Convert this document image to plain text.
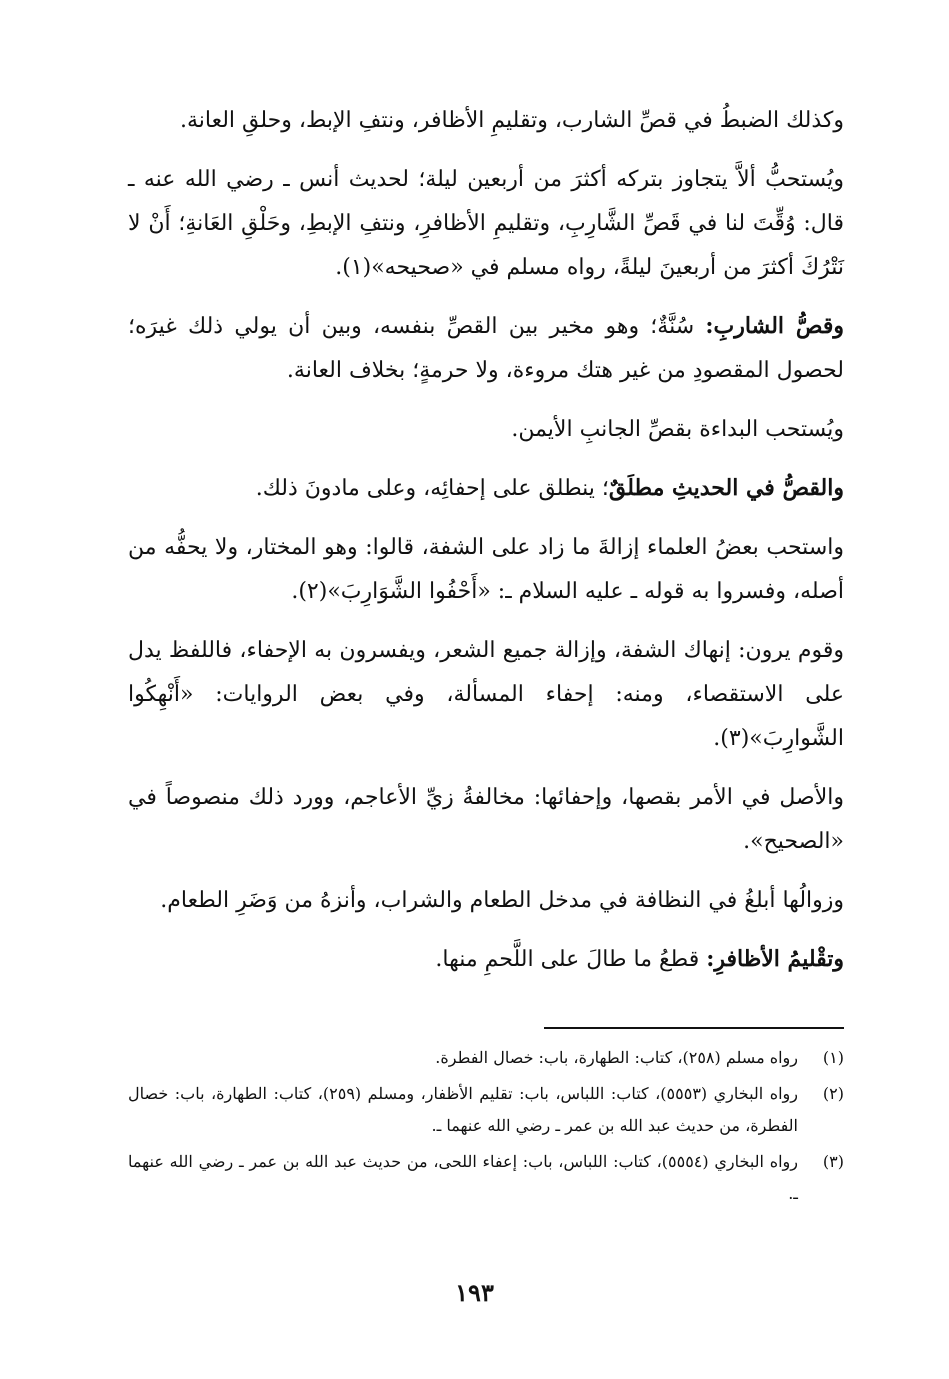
وكذلك الضبطُ في قصِّ الشارب، وتقليمِ الأظافر، ونتفِ الإبط، وحلقِ العانة.

ويُستحبُّ ألاَّ يتجاوز بتركه أكثرَ من أربعين ليلة؛ لحديث أنس ـ رضي الله عنه ـ قال: وُقِّتَ لنا في قَصِّ الشَّارِبِ، وتقليمِ الأظافرِ، ونتفِ الإبطِ، وحَلْقِ العَانةِ؛ أَنْ لا نَتْرُكَ أكثرَ من أربعينَ ليلةً، رواه مسلم في «صحيحه»(١).

وقصُّ الشاربِ: سُنَّةٌ؛ وهو مخير بين القصِّ بنفسه، وبين أن يولي ذلك غيرَه؛ لحصول المقصودِ من غير هتك مروءة، ولا حرمةٍ؛ بخلاف العانة.

ويُستحب البداءة بقصِّ الجانبِ الأيمن.

والقصُّ في الحديثِ مطلَقٌ؛ ينطلق على إحفائِه، وعلى مادونَ ذلك.

واستحب بعضُ العلماء إزالةَ ما زاد على الشفة، قالوا: وهو المختار، ولا يحفُّه من أصله، وفسروا به قوله ـ عليه السلام ـ: «أَحْفُوا الشَّوَارِبَ»(٢).

وقوم يرون: إنهاك الشفة، وإزالة جميع الشعر، ويفسرون به الإحفاء، فاللفظ يدل على الاستقصاء، ومنه: إحفاء المسألة، وفي بعض الروايات: «أَنْهِكُوا الشَّوارِبَ»(٣).

والأصل في الأمر بقصها، وإحفائها: مخالفةُ زيِّ الأعاجم، وورد ذلك منصوصاً في «الصحيح».

وزوالُها أبلغُ في النظافة في مدخل الطعام والشراب، وأنزهُ من وَضَرِ الطعام.

وتقْليمُ الأظافرِ: قطعُ ما طالَ على اللَّحمِ منها.

(١)
رواه مسلم (٢٥٨)، كتاب: الطهارة، باب: خصال الفطرة.
(٢)
رواه البخاري (٥٥٥٣)، كتاب: اللباس، باب: تقليم الأظفار، ومسلم (٢٥٩)، كتاب: الطهارة، باب: خصال الفطرة، من حديث عبد الله بن عمر ـ رضي الله عنهما ـ.
(٣)
رواه البخاري (٥٥٥٤)، كتاب: اللباس، باب: إعفاء اللحى، من حديث عبد الله بن عمر ـ رضي الله عنهما ـ.
١٩٣
